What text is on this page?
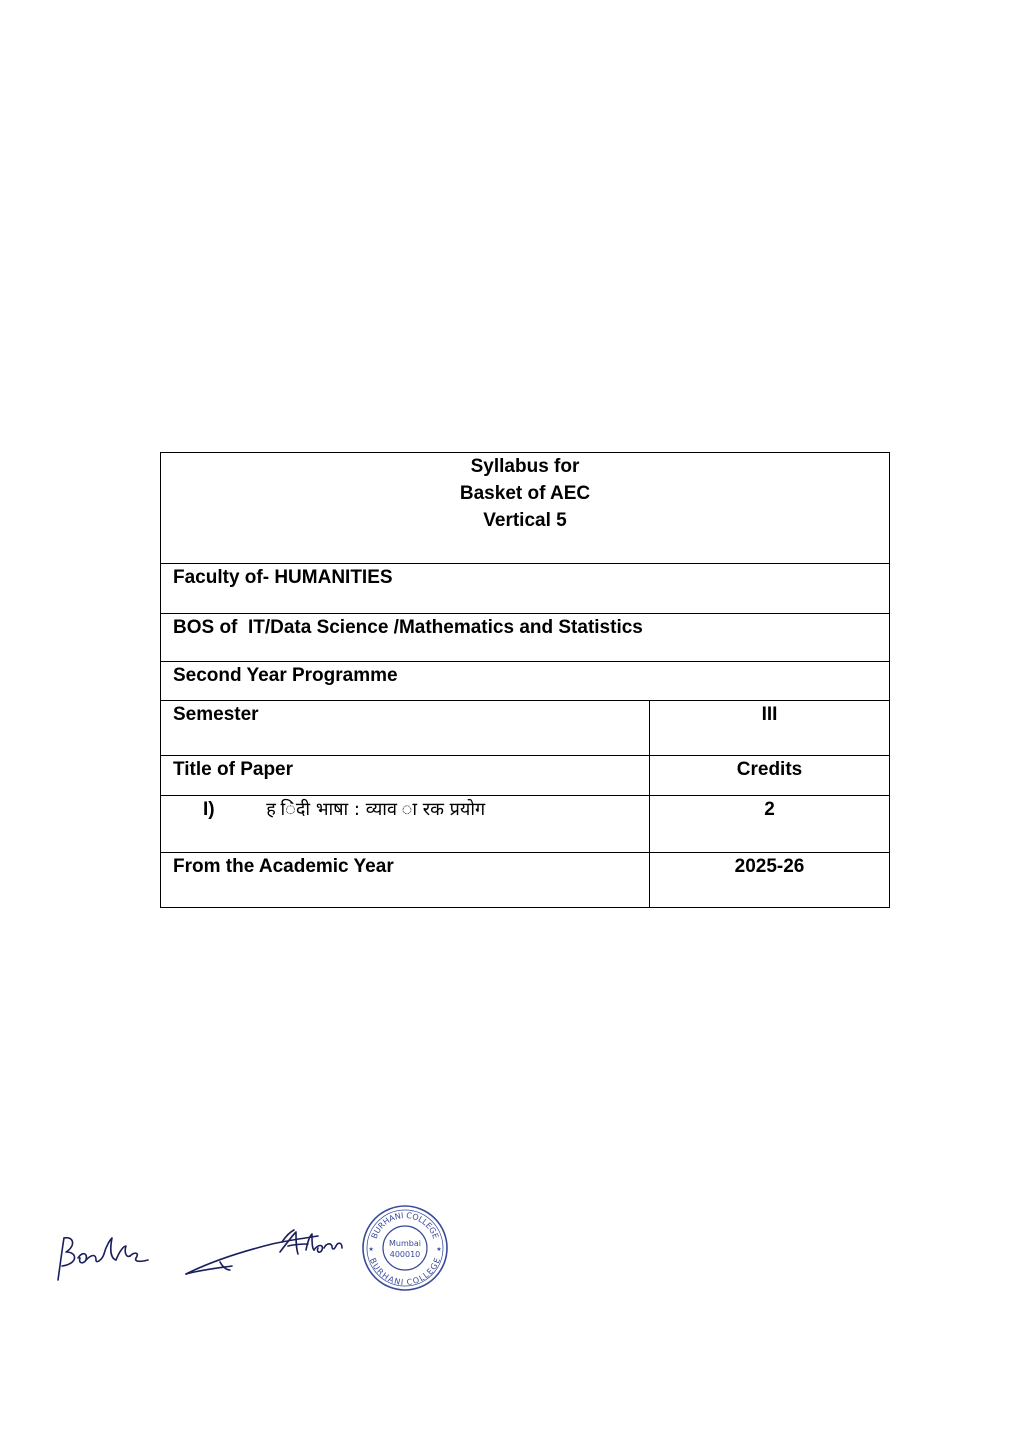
Syllabus for
Basket of AEC
Vertical 5	

Faculty of- HUMANITIES	
BOS of  IT/Data Science /Mathematics and Statistics	
Second Year Programme	
Semester	III
Title of Paper	Credits
I) ह िंदी भाषा : व्याव ा रक प्रयोग	2
From the Academic Year	2025-26
BURHANI COLLEGE
BURHANI COLLEGE
★	★
Mumbai
400010
